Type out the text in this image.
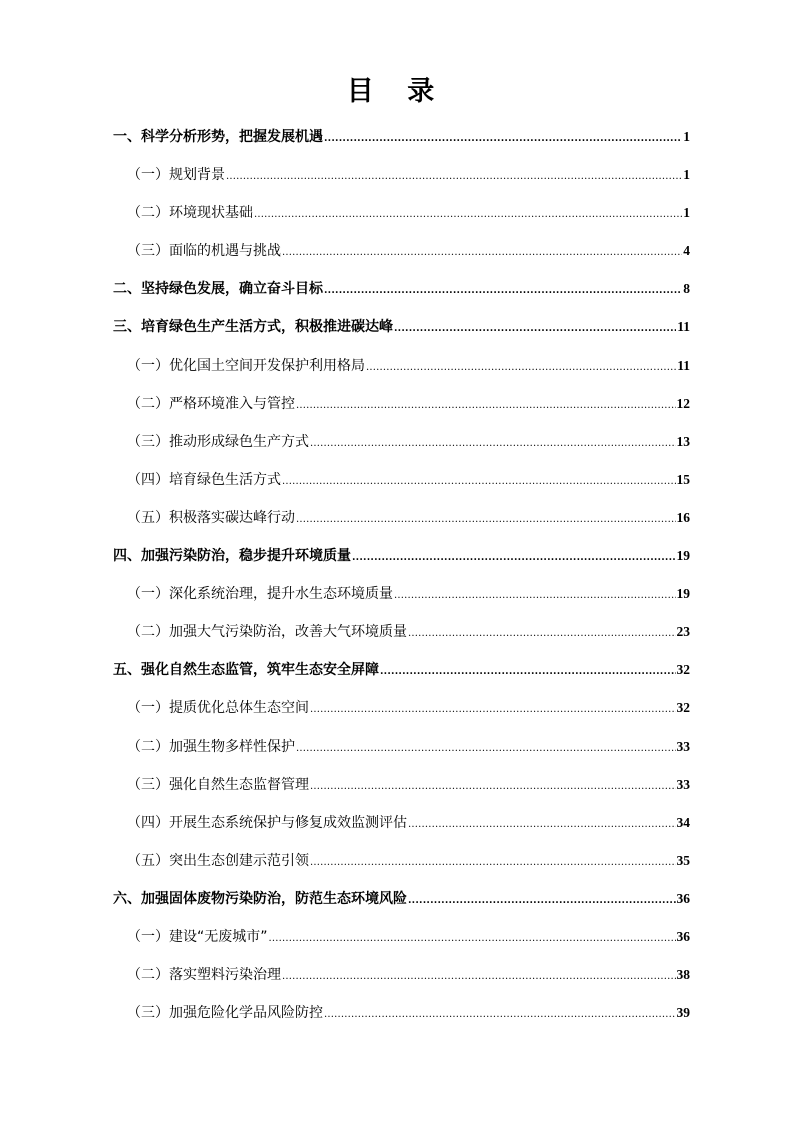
目 录
一、科学分析形势，把握发展机遇 .....	1
（一）规划背景 .....	1
（二）环境现状基础 .....	1
（三）面临的机遇与挑战 .....	4
二、坚持绿色发展，确立奋斗目标 .....	8
三、培育绿色生产生活方式，积极推进碳达峰 .....	11
（一）优化国土空间开发保护利用格局 .....	11
（二）严格环境准入与管控 .....	12
（三）推动形成绿色生产方式 .....	13
（四）培育绿色生活方式 .....	15
（五）积极落实碳达峰行动 .....	16
四、加强污染防治，稳步提升环境质量 .....	19
（一）深化系统治理，提升水生态环境质量 .....	19
（二）加强大气污染防治，改善大气环境质量 .....	23
五、强化自然生态监管，筑牢生态安全屏障 .....	32
（一）提质优化总体生态空间 .....	32
（二）加强生物多样性保护 .....	33
（三）强化自然生态监督管理 .....	33
（四）开展生态系统保护与修复成效监测评估 .....	34
（五）突出生态创建示范引领 .....	35
六、加强固体废物污染防治，防范生态环境风险 .....	36
（一）建设“无废城市” .....	36
（二）落实塑料污染治理 .....	38
（三）加强危险化学品风险防控 .....	39
